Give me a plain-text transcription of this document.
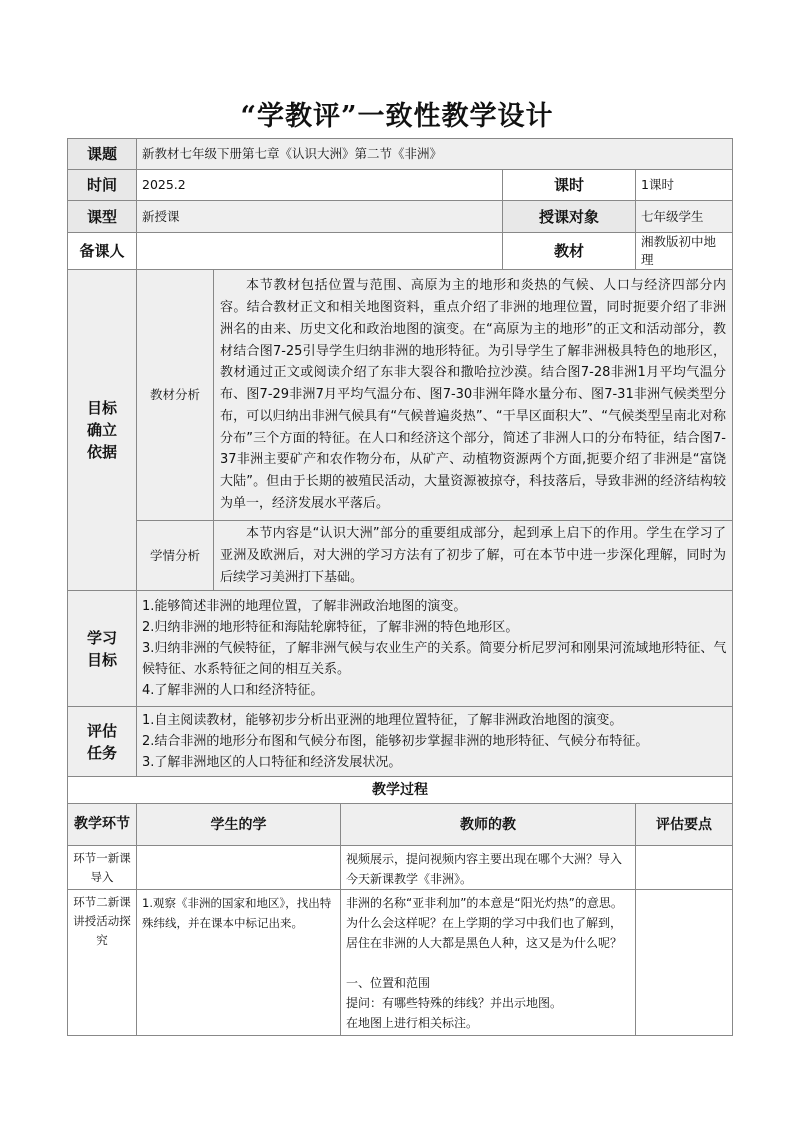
“学教评”一致性教学设计
课题	新教材七年级下册第七章《认识大洲》第二节《非洲》				
时间	2025.2			课时	1课时
课型	新授课			授课对象	七年级学生
备课人				教材	湘教版初中地理

目标确立依据	教材分析	本节教材包括位置与范围、高原为主的地形和炎热的气候、人口与经济四部分内容。结合教材正文和相关地图资料，重点介绍了非洲的地理位置，同时扼要介绍了非洲洲名的由来、历史文化和政治地图的演变。在“高原为主的地形”的正文和活动部分，教材结合图7-25引导学生归纳非洲的地形特征。为引导学生了解非洲极具特色的地形区，教材通过正文或阅读介绍了东非大裂谷和撒哈拉沙漠。结合图7-28非洲1月平均气温分布、图7-29非洲7月平均气温分布、图7-30非洲年降水量分布、图7-31非洲气候类型分布，可以归纳出非洲气候具有“气候普遍炎热”、“干旱区面积大”、“气候类型呈南北对称分布”三个方面的特征。在人口和经济这个部分，简述了非洲人口的分布特征，结合图7-37非洲主要矿产和农作物分布，从矿产、动植物资源两个方面,扼要介绍了非洲是“富饶大陆”。但由于长期的被殖民活动，大量资源被掠夺，科技落后，导致非洲的经济结构较为单一，经济发展水平落后。			
	学情分析	本节内容是“认识大洲”部分的重要组成部分，起到承上启下的作用。学生在学习了亚洲及欧洲后，对大洲的学习方法有了初步了解，可在本节中进一步深化理解，同时为后续学习美洲打下基础。			

学习目标	1.能够简述非洲的地理位置，了解非洲政治地图的演变。
2.归纳非洲的地形特征和海陆轮廓特征，了解非洲的特色地形区。
3.归纳非洲的气候特征，了解非洲气候与农业生产的关系。简要分析尼罗河和刚果河流域地形特征、气候特征、水系特征之间的相互关系。
4.了解非洲的人口和经济特征。				

评估任务	1.自主阅读教材，能够初步分析出亚洲的地理位置特征，了解非洲政治地图的演变。
2.结合非洲的地形分布图和气候分布图，能够初步掌握非洲的地形特征、气候分布特征。
3.了解非洲地区的人口特征和经济发展状况。				

教学过程					
教学环节	学生的学		教师的教		评估要点
环节一新课导入			视频展示，提问视频内容主要出现在哪个大洲？导入今天新课教学《非洲》。		

环节二新课讲授活动探究	1.观察《非洲的国家和地区》，找出特殊纬线，并在课本中标记出来。		非洲的名称“亚非利加”的本意是“阳光灼热”的意思。为什么会这样呢？在上学期的学习中我们也了解到，居住在非洲的人大都是黑色人种，这又是为什么呢？
一、位置和范围
提问：有哪些特殊的纬线？并出示地图。
在地图上进行相关标注。		
